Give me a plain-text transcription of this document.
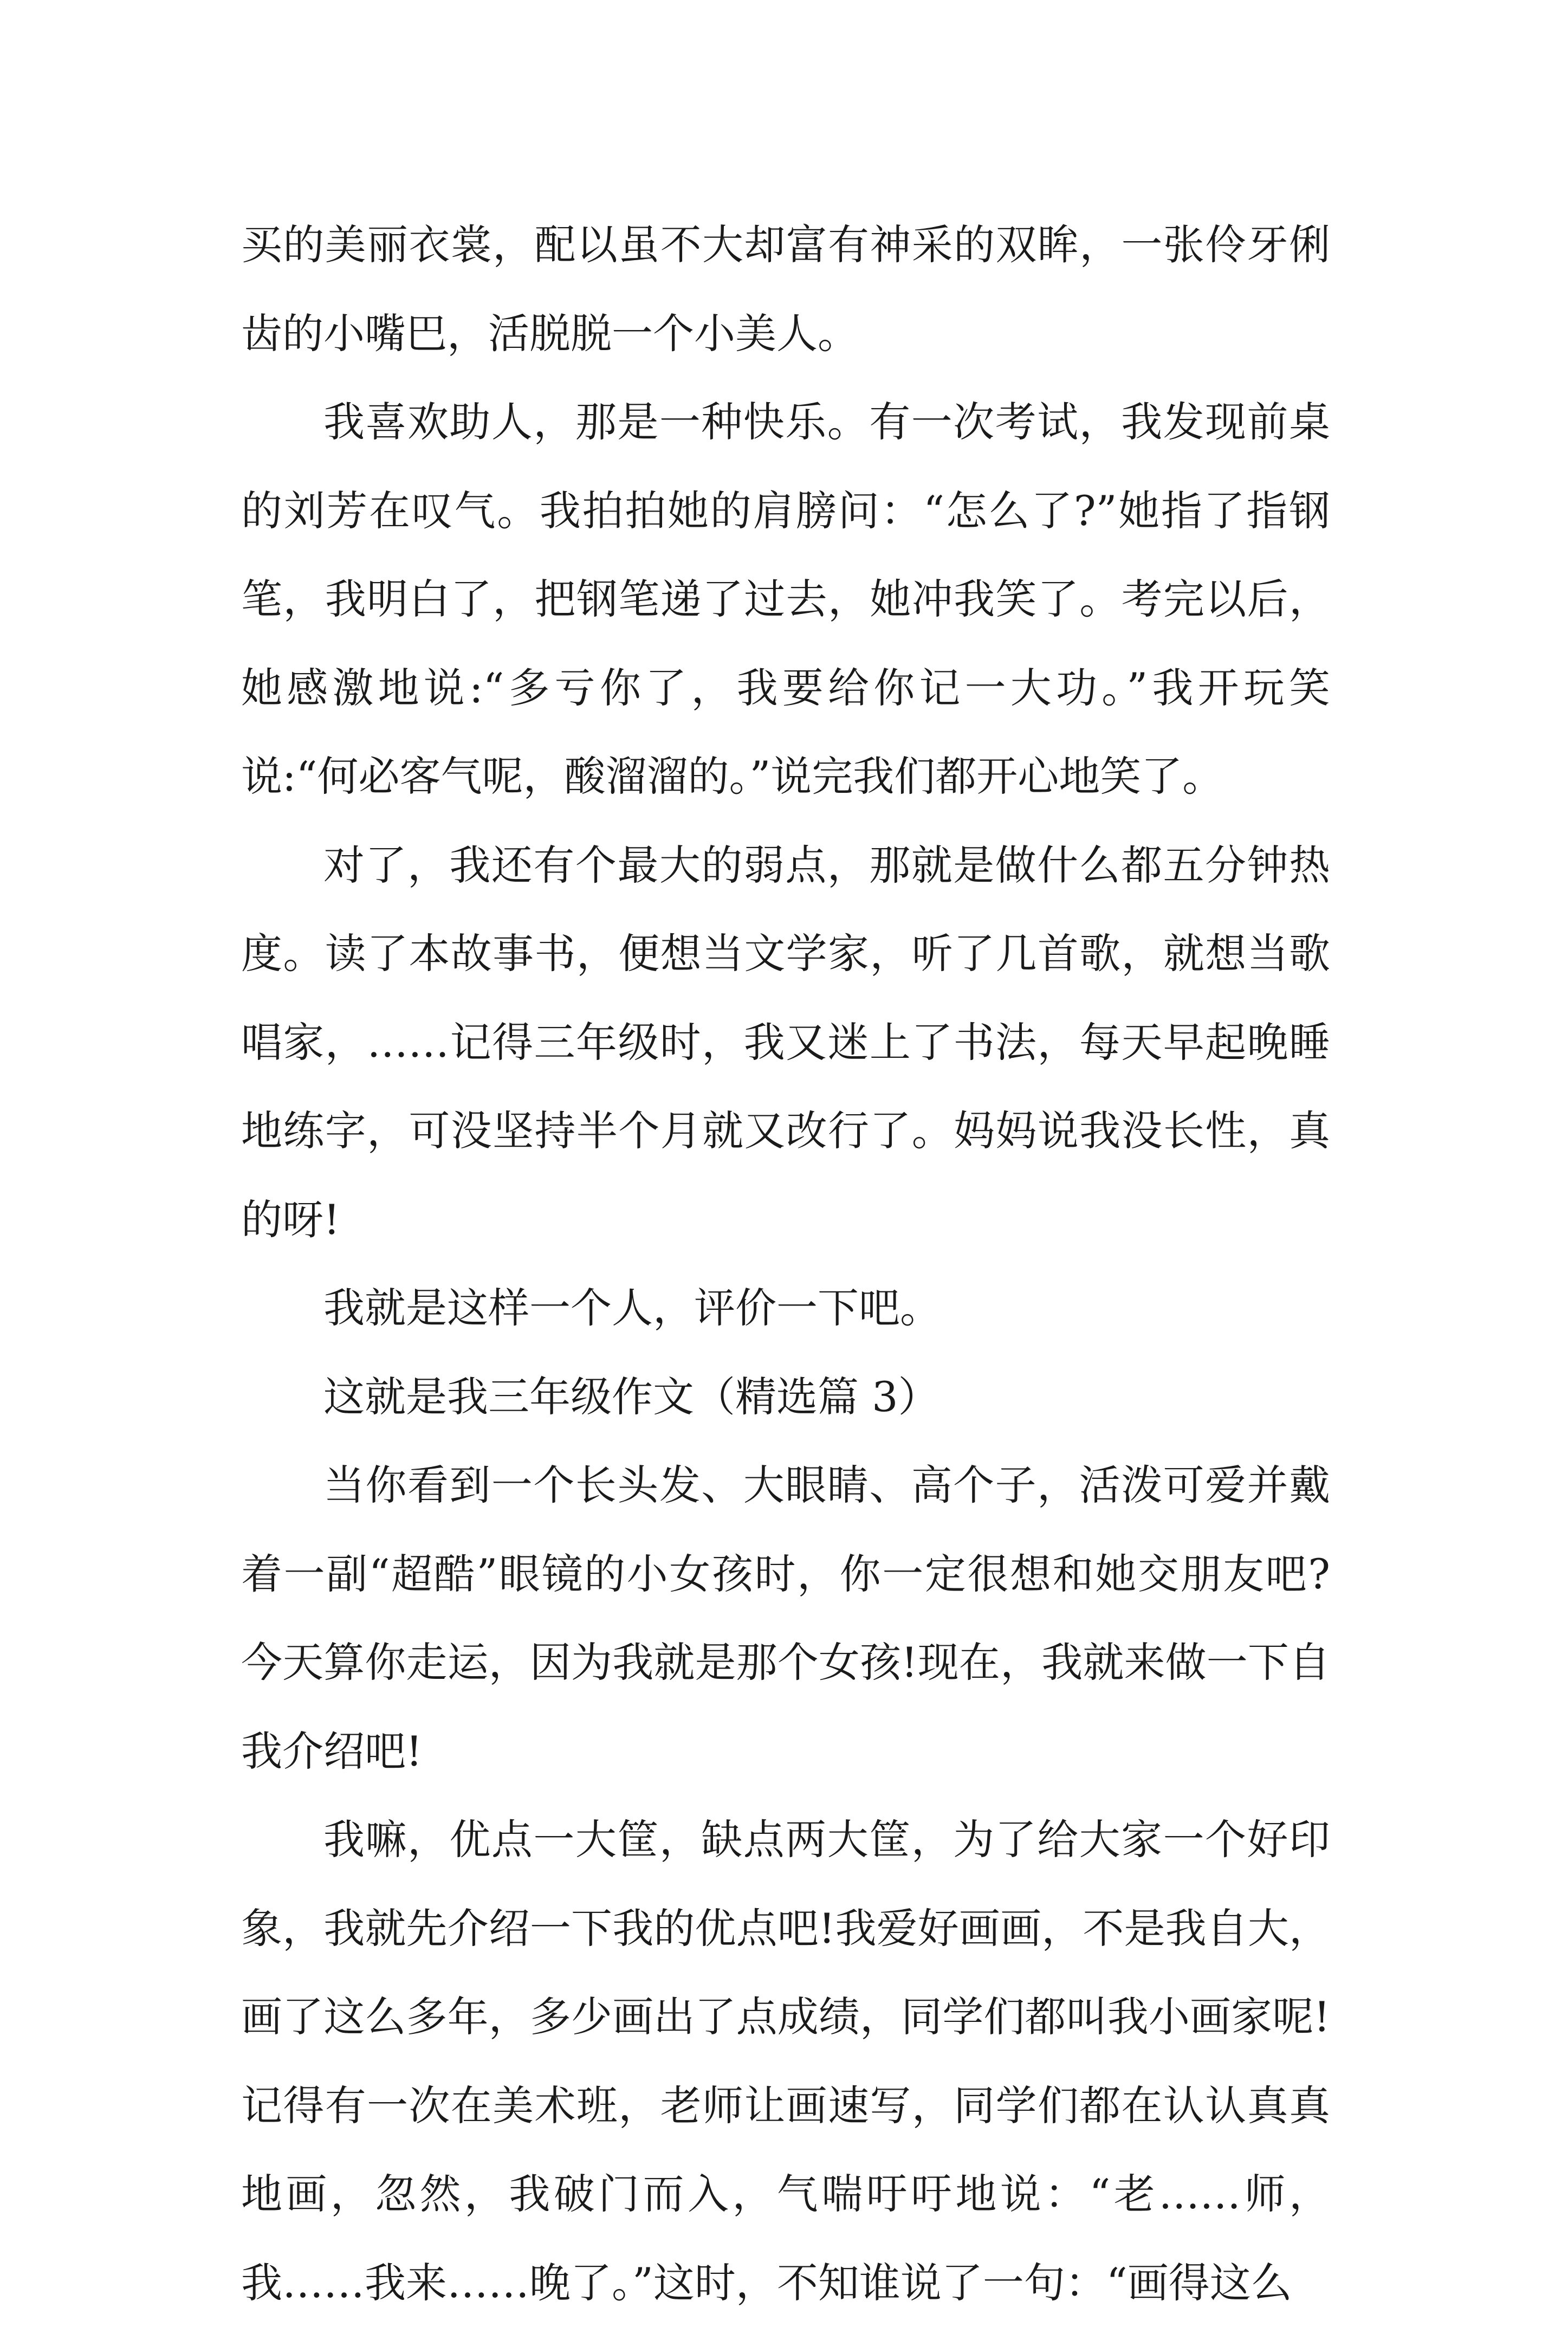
买的美丽衣裳，配以虽不大却富有神采的双眸，一张伶牙俐齿的小嘴巴，活脱脱一个小美人。

我喜欢助人，那是一种快乐。有一次考试，我发现前桌的刘芳在叹气。我拍拍她的肩膀问：“怎么了?”她指了指钢笔，我明白了，把钢笔递了过去，她冲我笑了。考完以后，她感激地说:“多亏你了，我要给你记一大功。”我开玩笑说:“何必客气呢，酸溜溜的。”说完我们都开心地笑了。

对了，我还有个最大的弱点，那就是做什么都五分钟热度。读了本故事书，便想当文学家，听了几首歌，就想当歌唱家，……记得三年级时，我又迷上了书法，每天早起晚睡地练字，可没坚持半个月就又改行了。妈妈说我没长性，真的呀!

我就是这样一个人，评价一下吧。

这就是我三年级作文（精选篇 3）

当你看到一个长头发、大眼睛、高个子，活泼可爱并戴着一副“超酷”眼镜的小女孩时，你一定很想和她交朋友吧?今天算你走运，因为我就是那个女孩!现在，我就来做一下自我介绍吧!

我嘛，优点一大筐，缺点两大筐，为了给大家一个好印象，我就先介绍一下我的优点吧!我爱好画画，不是我自大，画了这么多年，多少画出了点成绩，同学们都叫我小画家呢!记得有一次在美术班，老师让画速写，同学们都在认认真真地画，忽然，我破门而入，气喘吁吁地说：“老……师，我……我来……晚了。”这时，不知谁说了一句：“画得这么
